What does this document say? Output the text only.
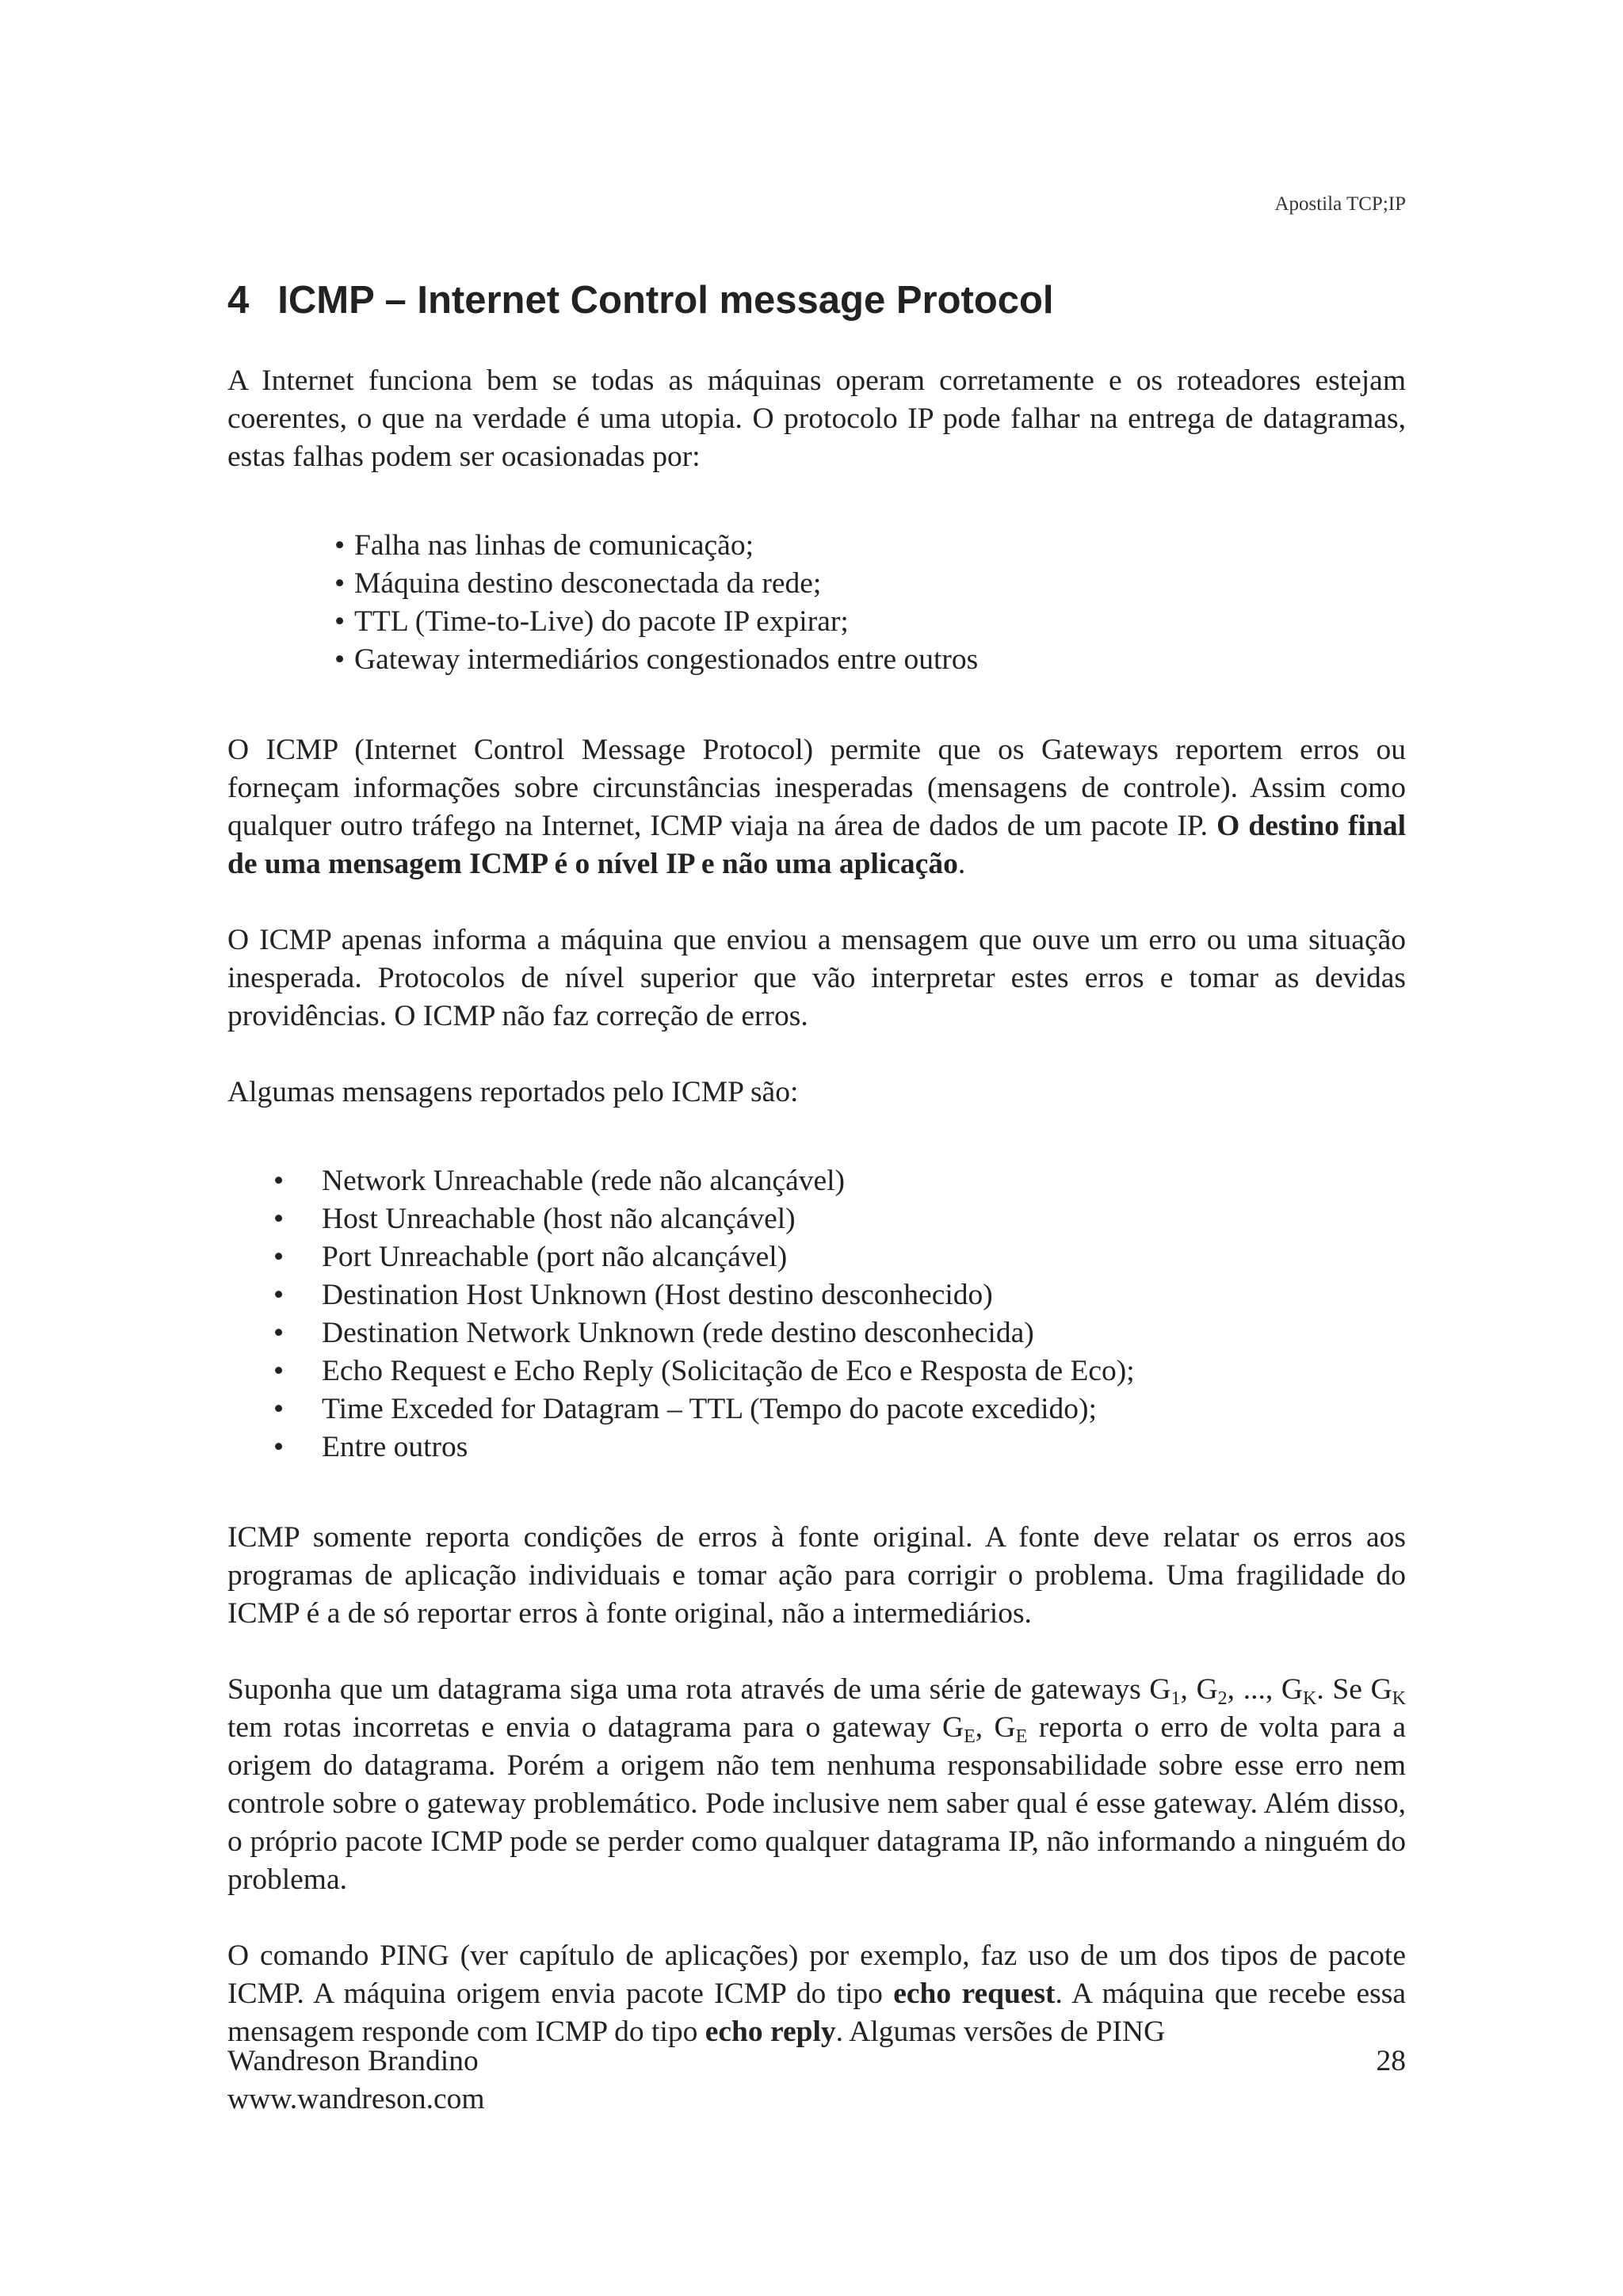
Apostila TCP;IP
4 ICMP – Internet Control message Protocol

A Internet funciona bem se todas as máquinas operam corretamente e os roteadores estejam coerentes, o que na verdade é uma utopia. O protocolo IP pode falhar na entrega de datagramas, estas falhas podem ser ocasionadas por:

• Falha nas linhas de comunicação;
• Máquina destino desconectada da rede;
• TTL (Time-to-Live) do pacote IP expirar;
• Gateway intermediários congestionados entre outros

O ICMP (Internet Control Message Protocol) permite que os Gateways reportem erros ou forneçam informações sobre circunstâncias inesperadas (mensagens de controle). Assim como qualquer outro tráfego na Internet, ICMP viaja na área de dados de um pacote IP. O destino final de uma mensagem ICMP é o nível IP e não uma aplicação.

O ICMP apenas informa a máquina que enviou a mensagem que ouve um erro ou uma situação inesperada. Protocolos de nível superior que vão interpretar estes erros e tomar as devidas providências. O ICMP não faz correção de erros.

Algumas mensagens reportados pelo ICMP são:

• Network Unreachable (rede não alcançável)
• Host Unreachable (host não alcançável)
• Port Unreachable (port não alcançável)
• Destination Host Unknown (Host destino desconhecido)
• Destination Network Unknown (rede destino desconhecida)
• Echo Request e Echo Reply (Solicitação de Eco e Resposta de Eco);
• Time Exceded for Datagram – TTL (Tempo do pacote excedido);
• Entre outros

ICMP somente reporta condições de erros à fonte original. A fonte deve relatar os erros aos programas de aplicação individuais e tomar ação para corrigir o problema. Uma fragilidade do ICMP é a de só reportar erros à fonte original, não a intermediários.

Suponha que um datagrama siga uma rota através de uma série de gateways $G_1$, $G_2$, ..., $G_K$. Se $G_K$ tem rotas incorretas e envia o datagrama para o gateway $G_E$, $G_E$ reporta o erro de volta para a origem do datagrama. Porém a origem não tem nenhuma responsabilidade sobre esse erro nem controle sobre o gateway problemático. Pode inclusive nem saber qual é esse gateway. Além disso, o próprio pacote ICMP pode se perder como qualquer datagrama IP, não informando a ninguém do problema.

O comando PING (ver capítulo de aplicações) por exemplo, faz uso de um dos tipos de pacote ICMP. A máquina origem envia pacote ICMP do tipo echo request. A máquina que recebe essa mensagem responde com ICMP do tipo echo reply. Algumas versões de PING

Wandreson Brandino
www.wandreson.com
28
